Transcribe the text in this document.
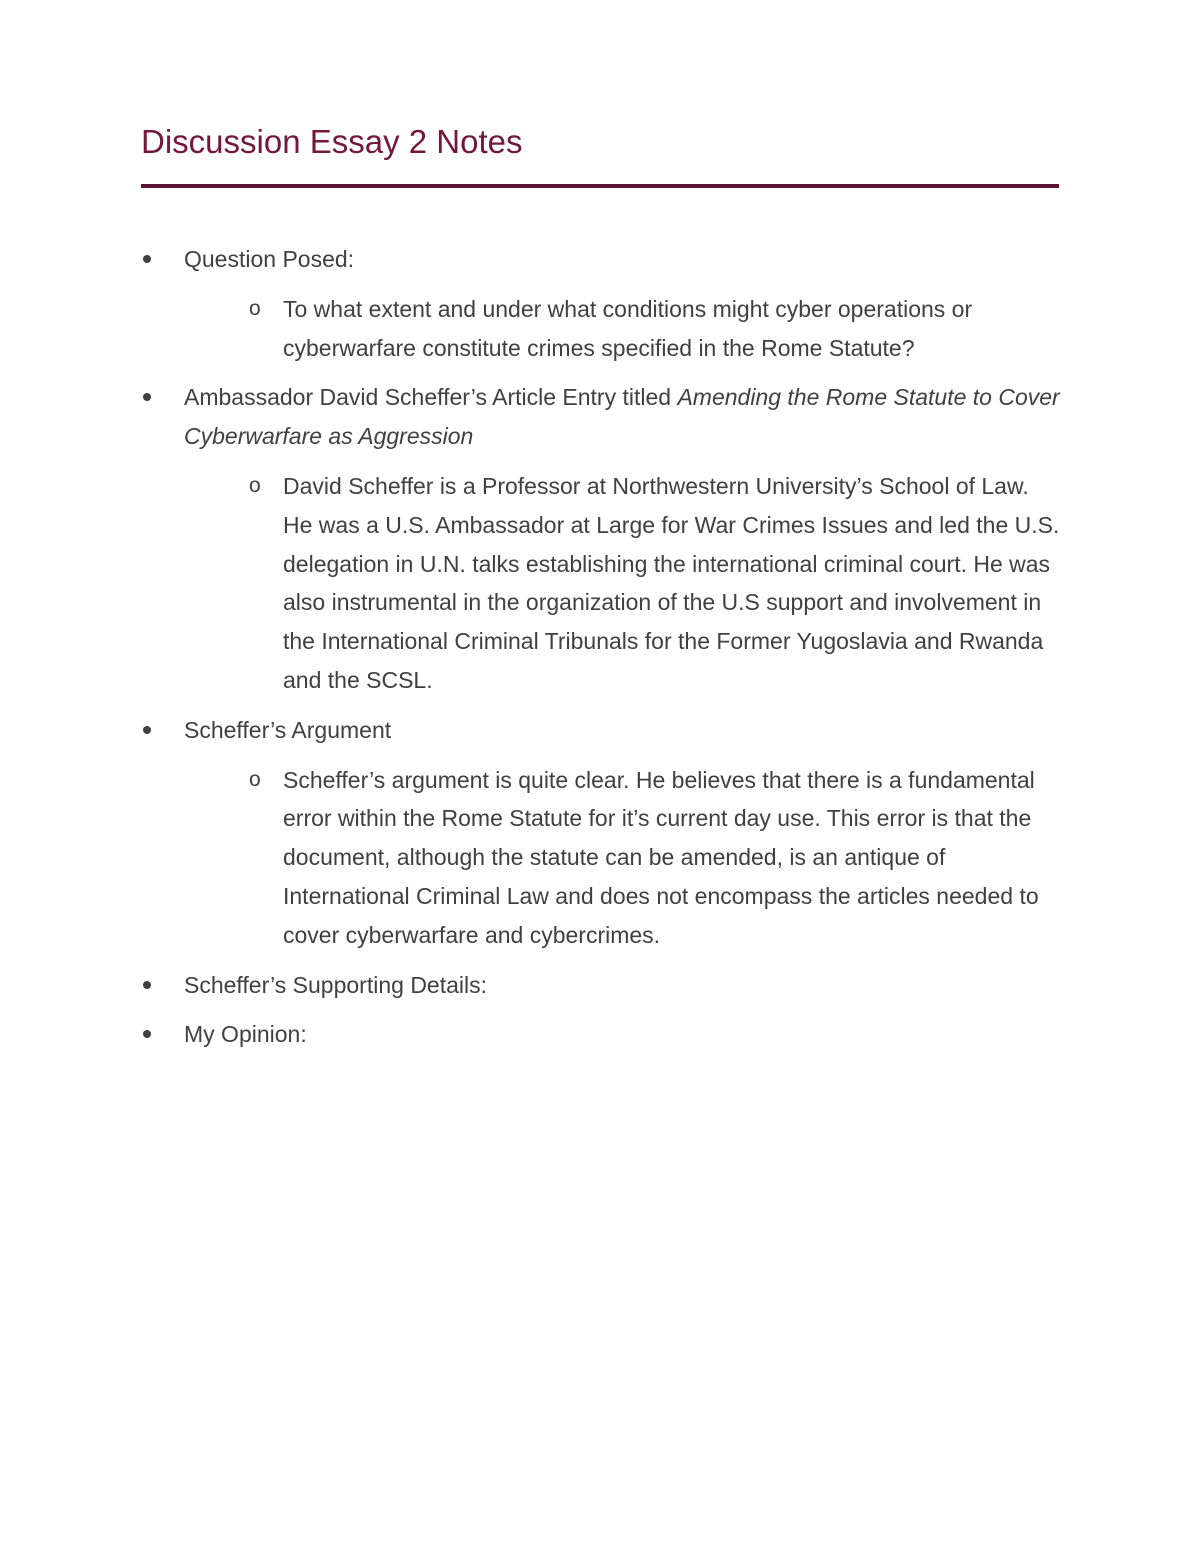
Discussion Essay 2 Notes
Question Posed:
o To what extent and under what conditions might cyber operations or cyberwarfare constitute crimes specified in the Rome Statute?
Ambassador David Scheffer’s Article Entry titled Amending the Rome Statute to Cover Cyberwarfare as Aggression
o David Scheffer is a Professor at Northwestern University’s School of Law. He was a U.S. Ambassador at Large for War Crimes Issues and led the U.S. delegation in U.N. talks establishing the international criminal court. He was also instrumental in the organization of the U.S support and involvement in the International Criminal Tribunals for the Former Yugoslavia and Rwanda and the SCSL.
Scheffer’s Argument
o Scheffer’s argument is quite clear. He believes that there is a fundamental error within the Rome Statute for it’s current day use. This error is that the document, although the statute can be amended, is an antique of International Criminal Law and does not encompass the articles needed to cover cyberwarfare and cybercrimes.
Scheffer’s Supporting Details:
My Opinion:
